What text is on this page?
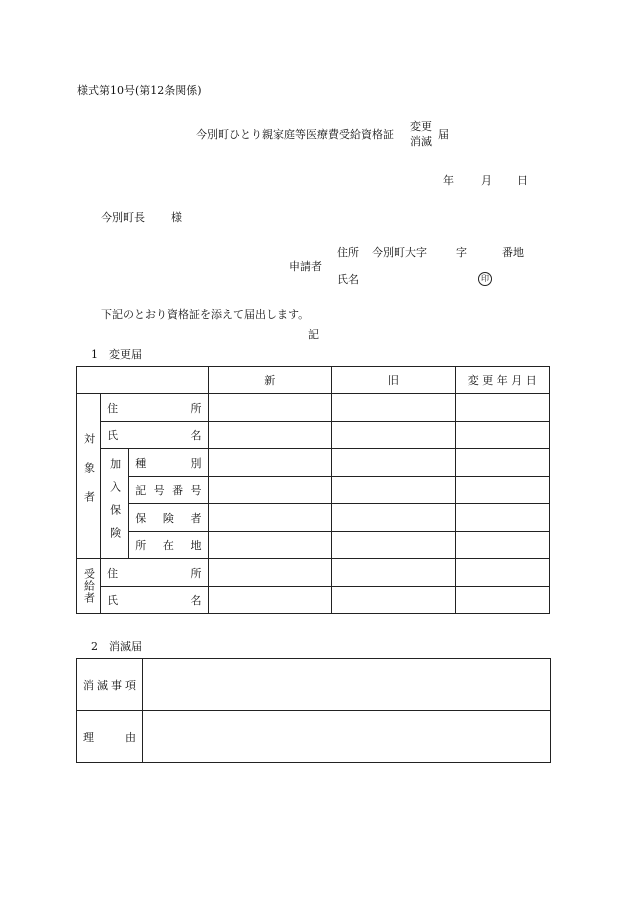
様式第10号(第12条関係)
今別町ひとり親家庭等医療費受給資格証
変更
消滅
届
年 月 日
今別町長 様
申請者
住所 今別町大字	字	番地
氏名	印
下記のとおり資格証を添えて届出します。
記
1　変更届
			新	旧	変 更 年 月 日

対象者	住 所				

	氏 名				

	加入保険	種 別			

		記 号 番 号			

		保 険 者			

		所 在 地			

受給者	住 所				

	氏 名				

2　消滅届
消 滅 事 項	

理 由	
